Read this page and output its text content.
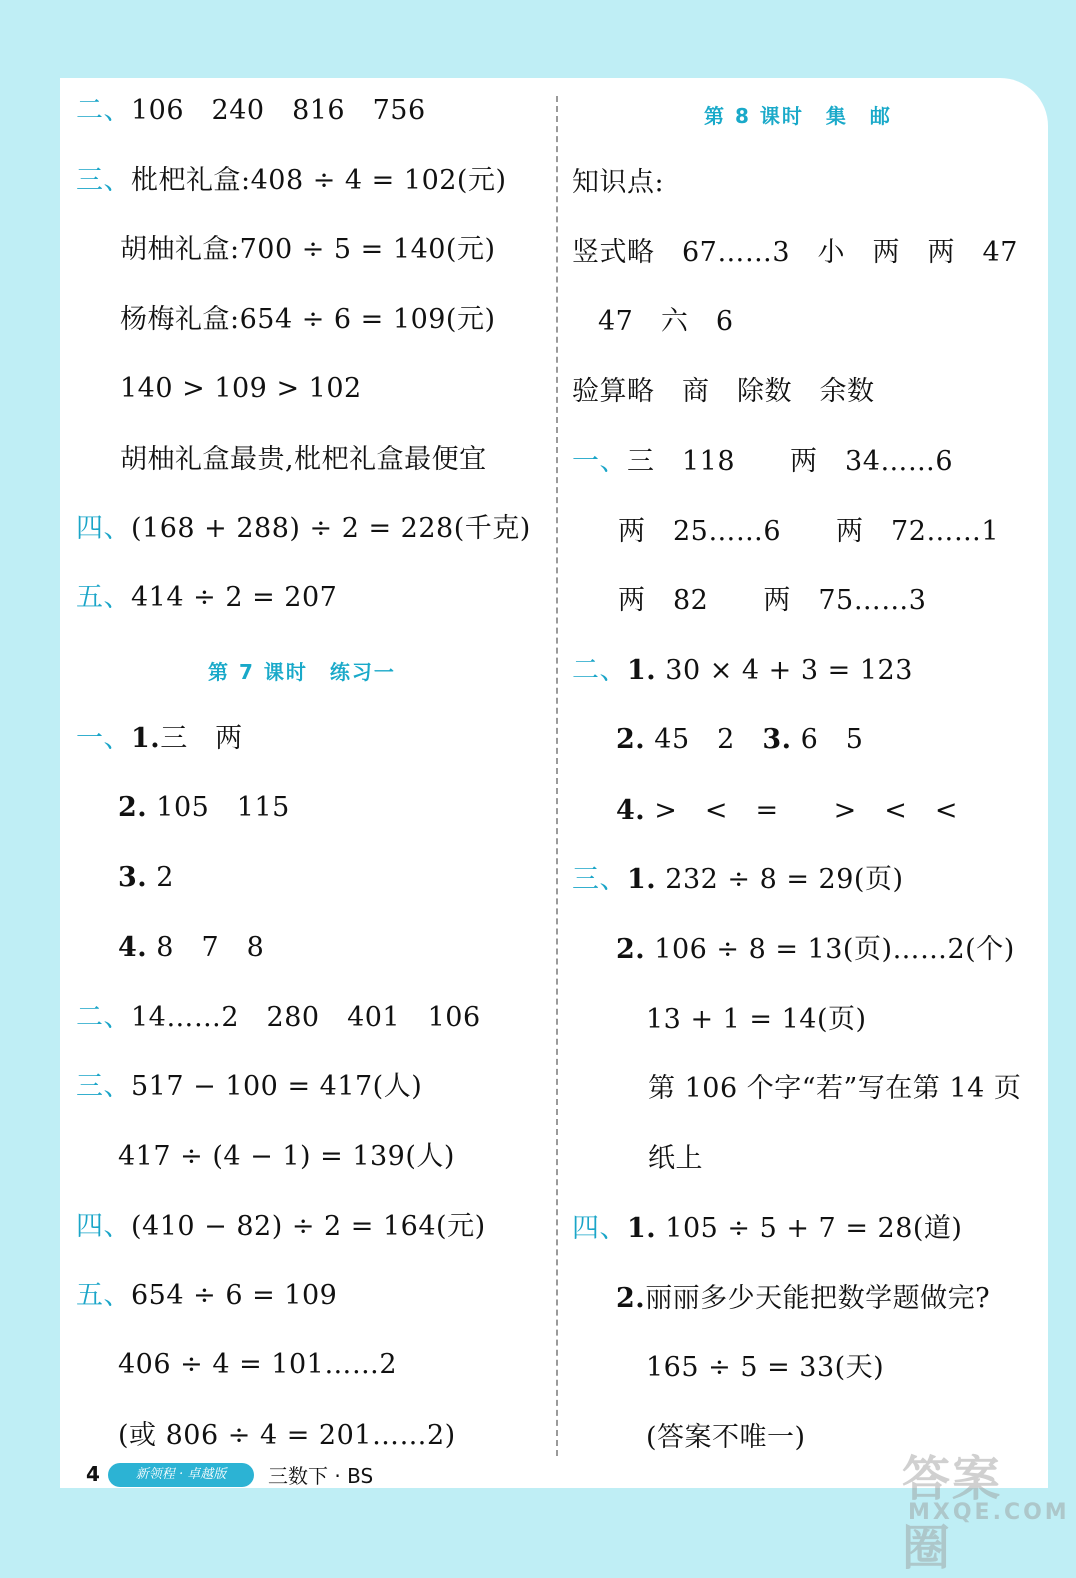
二、106　240　816　756
三、枇杷礼盒:408 ÷ 4 = 102(元)
胡柚礼盒:700 ÷ 5 = 140(元)
杨梅礼盒:654 ÷ 6 = 109(元)
140 > 109 > 102
胡柚礼盒最贵,枇杷礼盒最便宜
四、(168 + 288) ÷ 2 = 228(千克)
五、414 ÷ 2 = 207
第 7 课时 练习一
一、1.三　两
2. 105　115
3. 2
4. 8　7　8
二、14……2　280　401　106
三、517 − 100 = 417(人)
417 ÷ (4 − 1) = 139(人)
四、(410 − 82) ÷ 2 = 164(元)
五、654 ÷ 6 = 109
406 ÷ 4 = 101……2
(或 806 ÷ 4 = 201……2)
第 8 课时 集　邮
知识点:
竖式略　67……3　小　两　两　47
47　六　6
验算略　商　除数　余数
一、三　118　　两　34……6
两　25……6　　两　72……1
两　82　　两　75……3
二、1. 30 × 4 + 3 = 123
2. 45　2　3. 6　5
4. >　<　=　　>　<　<
三、1. 232 ÷ 8 = 29(页)
2. 106 ÷ 8 = 13(页)……2(个)
13 + 1 = 14(页)
第 106 个字“若”写在第 14 页
纸上
四、1. 105 ÷ 5 + 7 = 28(道)
2.丽丽多少天能把数学题做完?
165 ÷ 5 = 33(天)
(答案不唯一)
4	新领程 · 卓越版	三数下 · BS	答案圈
MXQE.COM
